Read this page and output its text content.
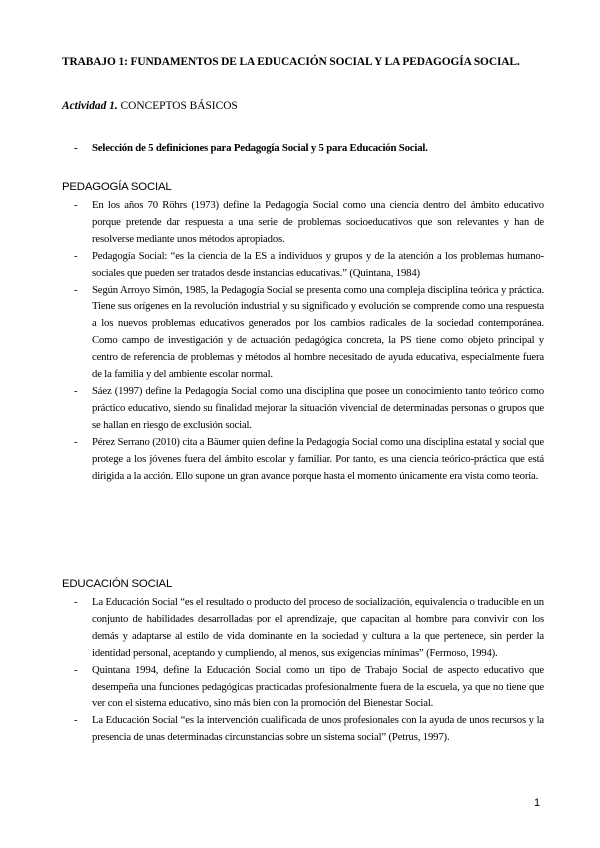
TRABAJO 1: FUNDAMENTOS DE LA EDUCACIÓN SOCIAL Y LA PEDAGOGÍA SOCIAL.
Actividad 1. CONCEPTOS BÁSICOS
- Selección de 5 definiciones para Pedagogía Social y 5 para Educación Social.
PEDAGOGÍA SOCIAL
- En los años 70 Röhrs (1973) define la Pedagogía Social como una ciencia dentro del ámbito educativo porque pretende dar respuesta a una serie de problemas socioeducativos que son relevantes y han de resolverse mediante unos métodos apropiados.
- Pedagogía Social: “es la ciencia de la ES a individuos y grupos y de la atención a los problemas humano-sociales que pueden ser tratados desde instancias educativas.” (Quintana, 1984)
- Según Arroyo Simón, 1985, la Pedagogía Social se presenta como una compleja disciplina teórica y práctica. Tiene sus orígenes en la revolución industrial y su significado y evolución se comprende como una respuesta a los nuevos problemas educativos generados por los cambios radicales de la sociedad contemporánea. Como campo de investigación y de actuación pedagógica concreta, la PS tiene como objeto principal y centro de referencia de problemas y métodos al hombre necesitado de ayuda educativa, especialmente fuera de la familia y del ambiente escolar normal.
- Sáez (1997) define la Pedagogía Social como una disciplina que posee un conocimiento tanto teórico como práctico educativo, siendo su finalidad mejorar la situación vivencial de determinadas personas o grupos que se hallan en riesgo de exclusión social.
- Pérez Serrano (2010) cita a Bäumer quien define la Pedagogía Social como una disciplina estatal y social que protege a los jóvenes fuera del ámbito escolar y familiar. Por tanto, es una ciencia teórico-práctica que está dirigida a la acción. Ello supone un gran avance porque hasta el momento únicamente era vista como teoría.
EDUCACIÓN SOCIAL
- La Educación Social “es el resultado o producto del proceso de socialización, equivalencia o traducible en un conjunto de habilidades desarrolladas por el aprendizaje, que capacitan al hombre para convivir con los demás y adaptarse al estilo de vida dominante en la sociedad y cultura a la que pertenece, sin perder la identidad personal, aceptando y cumpliendo, al menos, sus exigencias mínimas” (Fermoso, 1994).
- Quintana 1994, define la Educación Social como un tipo de Trabajo Social de aspecto educativo que desempeña una funciones pedagógicas practicadas profesionalmente fuera de la escuela, ya que no tiene que ver con el sistema educativo, sino más bien con la promoción del Bienestar Social.
- La Educación Social “es la intervención cualificada de unos profesionales con la ayuda de unos recursos y la presencia de unas determinadas circunstancias sobre un sistema social” (Petrus, 1997).
1
